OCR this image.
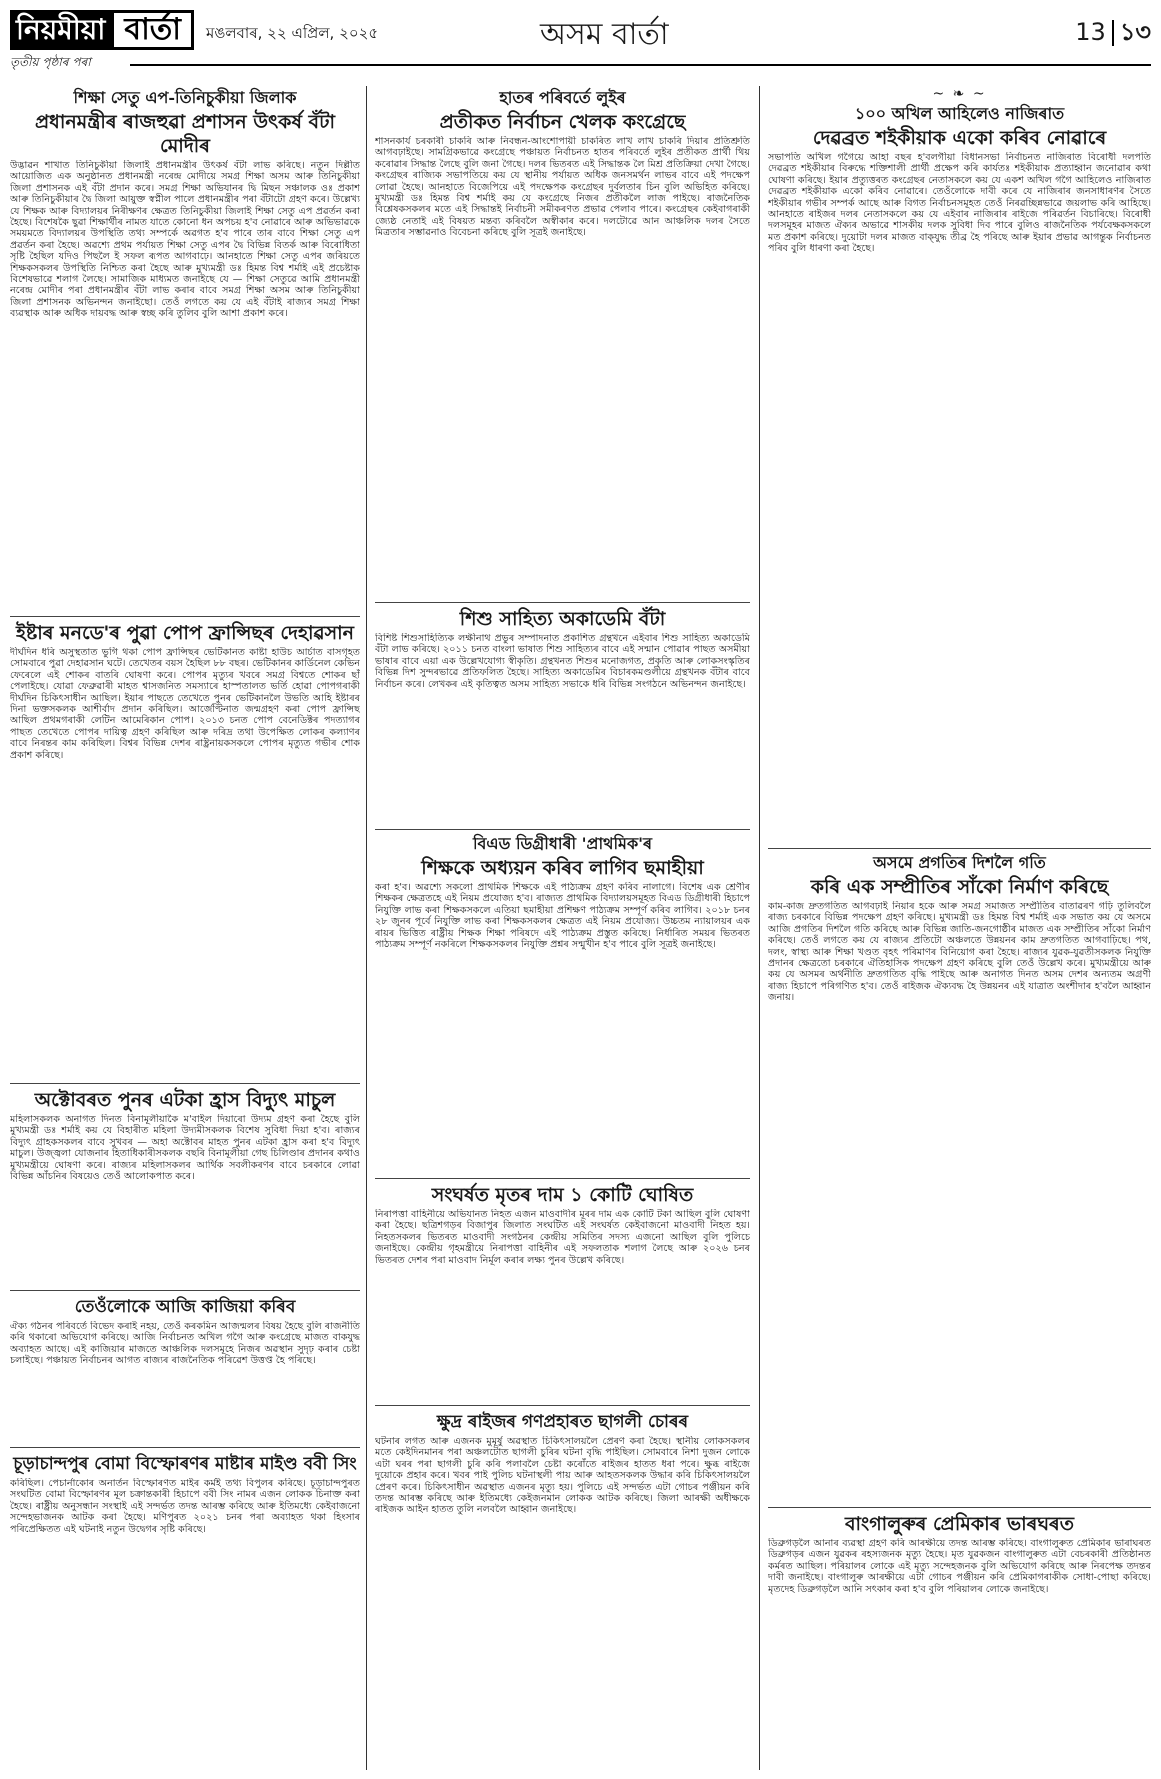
নিয়মীয়া বাৰ্তা	মঙলবাৰ, ২২ এপ্ৰিল, ২০২৫	অসম বাৰ্তা	13 ১৩
তৃতীয় পৃষ্ঠাৰ পৰা
শিক্ষা সেতু এপ-তিনিচুকীয়া জিলাক
প্ৰধানমন্ত্ৰীৰ ৰাজহুৱা প্ৰশাসন উৎকৰ্ষ বঁটা মোদীৰ
উদ্ভাৱন শাখাত তিনিচুকীয়া জিলাই প্ৰধানমন্ত্ৰীৰ উৎকৰ্ষ বঁটা লাভ কৰিছে। নতুন দিল্লীত আয়োজিত এক অনুষ্ঠানত প্ৰধানমন্ত্ৰী নৰেন্দ্ৰ মোদীয়ে সমগ্ৰ শিক্ষা অসম আৰু তিনিচুকীয়া জিলা প্ৰশাসনক এই বঁটা প্ৰদান কৰে। সমগ্ৰ শিক্ষা অভিযানৰ দ্বি মিছন সঞ্চালক ওঃ প্ৰকাশ আৰু তিনিচুকীয়াৰ দ্বৈ জিলা আয়ুক্ত স্বপ্নীল পালে প্ৰধানমন্ত্ৰীৰ পৰা বঁটাটো গ্ৰহণ কৰে। উল্লেখ্য যে শিক্ষক আৰু বিদ্যালয়ৰ নিৰীক্ষণৰ ক্ষেত্ৰত তিনিচুকীয়া জিলাই শিক্ষা সেতু এপ প্ৰৱৰ্তন কৰা হৈছে। বিশেষকৈ ছুৱা শিক্ষাৰ্থীৰ নামত যাতে কোনো ধন অপচয় হ'ব নোৱাৰে আৰু অভিভাৱকে সময়মতে বিদ্যালয়ৰ উপস্থিতি তথ্য সম্পৰ্কে অৱগত হ'ব পাৰে তাৰ বাবে শিক্ষা সেতু এপ প্ৰৱৰ্তন কৰা হৈছে। অৱশ্যে প্ৰথম পৰ্যায়ত শিক্ষা সেতু এপৰ দ্বৈ বিভিন্ন বিতৰ্ক আৰু বিৰোধিতা সৃষ্টি হৈছিল যদিও পিছলৈ ই সফল ৰূপত আগবাঢ়ে। আনহাতে শিক্ষা সেতু এপৰ জৰিয়তে শিক্ষকসকলৰ উপস্থিতি নিশ্চিত কৰা হৈছে আৰু মুখ্যমন্ত্ৰী ডঃ হিমন্ত বিশ্ব শৰ্মাই এই প্ৰচেষ্টাক বিশেষভাৱে শলাগ লৈছে। সামাজিক মাধ্যমত জনাইছে যে — শিক্ষা সেতুৱে আমি প্ৰধানমন্ত্ৰী নৰেন্দ্ৰ মোদীৰ পৰা প্ৰধানমন্ত্ৰীৰ বঁটা লাভ কৰাৰ বাবে সমগ্ৰ শিক্ষা অসম আৰু তিনিচুকীয়া জিলা প্ৰশাসনক অভিনন্দন জনাইছো। তেওঁ লগতে কয় যে এই বঁটাই ৰাজ্যৰ সমগ্ৰ শিক্ষা ব্যৱস্থাক আৰু অধিক দায়বদ্ধ আৰু স্বচ্ছ কৰি তুলিব বুলি আশা প্ৰকাশ কৰে।
ইষ্টাৰ মনডে'ৰ পুৱা পোপ ফ্ৰান্সিছৰ দেহাৱসান
দীৰ্ঘদিন ধৰি অসুস্থতাত ভুগি থকা পোপ ফ্ৰান্সিছৰ ভেটিকানত কাষ্টা হাউচ আৰ্চাত বাসগৃহত সোমবাৰে পুৱা দেহাৱসান ঘটে। তেখেতৰ বয়স হৈছিল ৮৮ বছৰ। ভেটিকানৰ কাৰ্ডিনেল কেভিন ফেৰেলে এই শোকৰ বাতৰি ঘোষণা কৰে। পোপৰ মৃত্যুৰ খবৰে সমগ্ৰ বিশ্বতে শোকৰ ছাঁ পেলাইছে। যোৱা ফেব্ৰুৱাৰী মাহত শ্বাসজনিত সমস্যাৰে হাস্পতালত ভৰ্তি হোৱা পোপগৰাকী দীৰ্ঘদিন চিকিৎসাধীন আছিল। ইয়াৰ পাছতে তেখেতে পুনৰ ভেটিকানলৈ উভতি আহি ইষ্টাৰৰ দিনা ভক্তসকলক আশীৰ্বাদ প্ৰদান কৰিছিল। আৰ্জেণ্টিনাত জন্মগ্ৰহণ কৰা পোপ ফ্ৰান্সিছ আছিল প্ৰথমগৰাকী লেটিন আমেৰিকান পোপ। ২০১৩ চনত পোপ বেনেডিক্টৰ পদত্যাগৰ পাছত তেখেতে পোপৰ দায়িত্ব গ্ৰহণ কৰিছিল আৰু দৰিদ্ৰ তথা উপেক্ষিত লোকৰ কল্যাণৰ বাবে নিৰন্তৰ কাম কৰিছিল। বিশ্বৰ বিভিন্ন দেশৰ ৰাষ্ট্ৰনায়কসকলে পোপৰ মৃত্যুত গভীৰ শোক প্ৰকাশ কৰিছে।
অক্টোবৰত পুনৰ এটকা হ্ৰাস বিদ্যুৎ মাচুল
মহিলাসকলক অনাগত দিনত বিনামূলীয়াকৈ ম'বাইল দিয়াৰো উদ্যম গ্ৰহণ কৰা হৈছে বুলি মুখ্যমন্ত্ৰী ডঃ শৰ্মাই কয় যে বিহাৰীত মহিলা উদ্যমীসকলক বিশেষ সুবিধা দিয়া হ'ব। ৰাজ্যৰ বিদ্যুৎ গ্ৰাহকসকলৰ বাবে সুখবৰ — অহা অক্টোবৰ মাহত পুনৰ এটকা হ্ৰাস কৰা হ'ব বিদ্যুৎ মাচুল। উজ্জ্বলা যোজনাৰ হিতাধিকাৰীসকলক বছৰি বিনামূলীয়া গেছ চিলিণ্ডাৰ প্ৰদানৰ কথাও মুখ্যমন্ত্ৰীয়ে ঘোষণা কৰে। ৰাজ্যৰ মহিলাসকলৰ আৰ্থিক সবলীকৰণৰ বাবে চৰকাৰে লোৱা বিভিন্ন আঁচনিৰ বিষয়েও তেওঁ আলোকপাত কৰে।
তেওঁলোকে আজি কাজিয়া কৰিব
ঐক্য গঠনৰ পৰিবৰ্তে বিভেদ কৰাই নহয়, তেওঁ কৰকমিন আজন্মলৰ বিষয় হৈছে বুলি ৰাজনীতি কৰি থকাৰো অভিযোগ কৰিছে। আজি নিৰ্বাচনত অখিল গগৈ আৰু কংগ্ৰেছে মাজত বাকযুদ্ধ অব্যাহত আছে। এই কাজিয়াৰ মাজতে আঞ্চলিক দলসমূহে নিজৰ অৱস্থান সুদৃঢ় কৰাৰ চেষ্টা চলাইছে। পঞ্চায়ত নিৰ্বাচনৰ আগত ৰাজ্যৰ ৰাজনৈতিক পৰিৱেশ উত্তপ্ত হৈ পৰিছে।
চূড়াচান্দপুৰ বোমা বিস্ফোৰণৰ মাষ্টাৰ মাইণ্ড ববী সিং
কৰিছিল। পেচাৰ্নাকোৰ অনাৰ্তন বিস্ফোৰণত মাইৰ কৰ্মই তথ্য বিপুলৰ কৰিছে। চূড়াচান্দপুৰত সংঘটিত বোমা বিস্ফোৰণৰ মূল চক্ৰান্তকাৰী হিচাপে ববী সিং নামৰ এজন লোকক চিনাক্ত কৰা হৈছে। ৰাষ্ট্ৰীয় অনুসন্ধান সংস্থাই এই সন্দৰ্ভত তদন্ত আৰম্ভ কৰিছে আৰু ইতিমধ্যে কেইবাজনো সন্দেহভাজনক আটক কৰা হৈছে। মণিপুৰত ২০২১ চনৰ পৰা অব্যাহত থকা হিংসাৰ পৰিপ্ৰেক্ষিতত এই ঘটনাই নতুন উদ্বেগৰ সৃষ্টি কৰিছে।
হাতৰ পৰিবৰ্তে লুইৰ
প্ৰতীকত নিৰ্বাচন খেলক কংগ্ৰেছে
শাসনকাৰ্য চৰকাৰী চাকৰি আৰু নিবন্ধন-আংশোপায়ী চাকৰিত লাখ লাখ চাকৰি দিয়াৰ প্ৰতিশ্ৰুতি আগবঢ়াইছে। সামগ্ৰিকভাৱে কংগ্ৰেছে পঞ্চায়ত নিৰ্বাচনত হাতৰ পৰিবৰ্তে লুইৰ প্ৰতীকত প্ৰাৰ্থী থিয় কৰোৱাৰ সিদ্ধান্ত লৈছে বুলি জনা গৈছে। দলৰ ভিতৰত এই সিদ্ধান্তক লৈ মিশ্ৰ প্ৰতিক্ৰিয়া দেখা গৈছে। কংগ্ৰেছৰ ৰাজ্যিক সভাপতিয়ে কয় যে স্থানীয় পৰ্যায়ত অধিক জনসমৰ্থন লাভৰ বাবে এই পদক্ষেপ লোৱা হৈছে। আনহাতে বিজেপিয়ে এই পদক্ষেপক কংগ্ৰেছৰ দুৰ্বলতাৰ চিন বুলি অভিহিত কৰিছে। মুখ্যমন্ত্ৰী ডঃ হিমন্ত বিশ্ব শৰ্মাই কয় যে কংগ্ৰেছে নিজৰ প্ৰতীকলৈ লাজ পাইছে। ৰাজনৈতিক বিশ্লেষকসকলৰ মতে এই সিদ্ধান্তই নিৰ্বাচনী সমীকৰণত প্ৰভাৱ পেলাব পাৰে। কংগ্ৰেছৰ কেইবাগৰাকী জ্যেষ্ঠ নেতাই এই বিষয়ত মন্তব্য কৰিবলৈ অস্বীকাৰ কৰে। দলটোৱে আন আঞ্চলিক দলৰ সৈতে মিত্ৰতাৰ সম্ভাৱনাও বিবেচনা কৰিছে বুলি সূত্ৰই জনাইছে।
শিশু সাহিত্য অকাডেমি বঁটা
বিশিষ্ট শিশুসাহিত্যিক লক্ষীনাথ প্ৰভুৰ সম্পাদনাত প্ৰকাশিত গ্ৰন্থখনে এইবাৰ শিশু সাহিত্য অকাডেমি বঁটা লাভ কৰিছে। ২০১১ চনত বাংলা ভাষাত শিশু সাহিত্যৰ বাবে এই সন্মান পোৱাৰ পাছত অসমীয়া ভাষাৰ বাবে এয়া এক উল্লেখযোগ্য স্বীকৃতি। গ্ৰন্থখনত শিশুৰ মনোজগত, প্ৰকৃতি আৰু লোকসংস্কৃতিৰ বিভিন্ন দিশ সুন্দৰভাৱে প্ৰতিফলিত হৈছে। সাহিত্য অকাডেমিৰ বিচাৰকমণ্ডলীয়ে গ্ৰন্থখনক বঁটাৰ বাবে নিৰ্বাচন কৰে। লেখকৰ এই কৃতিত্বত অসম সাহিত্য সভাকে ধৰি বিভিন্ন সংগঠনে অভিনন্দন জনাইছে।
বিএড ডিগ্ৰীধাৰী 'প্ৰাথমিক'ৰ
শিক্ষকে অধ্যয়ন কৰিব লাগিব ছমাহীয়া
কৰা হ'ব। অৱশ্যে সকলো প্ৰাথমিক শিক্ষকে এই পাঠ্যক্ৰম গ্ৰহণ কৰিব নালাগে। বিশেষ এক শ্ৰেণীৰ শিক্ষকৰ ক্ষেত্ৰতহে এই নিয়ম প্ৰযোজ্য হ'ব। ৰাজ্যত প্ৰাথমিক বিদ্যালয়সমূহত বিএড ডিগ্ৰীধাৰী হিচাপে নিযুক্তি লাভ কৰা শিক্ষকসকলে এতিয়া ছমাহীয়া প্ৰশিক্ষণ পাঠ্যক্ৰম সম্পূৰ্ণ কৰিব লাগিব। ২০১৮ চনৰ ২৮ জুনৰ পূৰ্বে নিযুক্তি লাভ কৰা শিক্ষকসকলৰ ক্ষেত্ৰত এই নিয়ম প্ৰযোজ্য। উচ্চতম ন্যায়ালয়ৰ এক ৰায়ৰ ভিত্তিত ৰাষ্ট্ৰীয় শিক্ষক শিক্ষা পৰিষদে এই পাঠ্যক্ৰম প্ৰস্তুত কৰিছে। নিৰ্ধাৰিত সময়ৰ ভিতৰত পাঠ্যক্ৰম সম্পূৰ্ণ নকৰিলে শিক্ষকসকলৰ নিযুক্তি প্ৰশ্নৰ সন্মুখীন হ'ব পাৰে বুলি সূত্ৰই জনাইছে।
সংঘৰ্ষত মৃতৰ দাম ১ কোটি ঘোষিত
নিৰাপত্তা বাহিনীয়ে অভিযানত নিহত এজন মাওবাদীৰ মূৰৰ দাম এক কোটি টকা আছিল বুলি ঘোষণা কৰা হৈছে। ছত্ৰিশগড়ৰ বিজাপুৰ জিলাত সংঘটিত এই সংঘৰ্ষত কেইবাজনো মাওবাদী নিহত হয়। নিহতসকলৰ ভিতৰত মাওবাদী সংগঠনৰ কেন্দ্ৰীয় সমিতিৰ সদস্য এজনো আছিল বুলি পুলিচে জনাইছে। কেন্দ্ৰীয় গৃহমন্ত্ৰীয়ে নিৰাপত্তা বাহিনীৰ এই সফলতাক শলাগ লৈছে আৰু ২০২৬ চনৰ ভিতৰত দেশৰ পৰা মাওবাদ নিৰ্মূল কৰাৰ লক্ষ্য পুনৰ উল্লেখ কৰিছে।
ক্ষুদ্ৰ ৰাইজৰ গণপ্ৰহাৰত ছাগলী চোৰৰ
ঘটনাৰ লগত আৰু এজনক মুমূৰ্ষু অৱস্থাত চিকিৎসালয়লৈ প্ৰেৰণ কৰা হৈছে। স্থানীয় লোকসকলৰ মতে কেইদিনমানৰ পৰা অঞ্চলটোত ছাগলী চুৰিৰ ঘটনা বৃদ্ধি পাইছিল। সোমবাৰে নিশা দুজন লোকে এটা ঘৰৰ পৰা ছাগলী চুৰি কৰি পলাবলৈ চেষ্টা কৰোঁতে ৰাইজৰ হাতত ধৰা পৰে। ক্ষুব্ধ ৰাইজে দুয়োকে প্ৰহাৰ কৰে। খবৰ পাই পুলিচ ঘটনাস্থলী পায় আৰু আহতসকলক উদ্ধাৰ কৰি চিকিৎসালয়লৈ প্ৰেৰণ কৰে। চিকিৎসাধীন অৱস্থাত এজনৰ মৃত্যু হয়। পুলিচে এই সন্দৰ্ভত এটা গোচৰ পঞ্জীয়ন কৰি তদন্ত আৰম্ভ কৰিছে আৰু ইতিমধ্যে কেইজনমান লোকক আটক কৰিছে। জিলা আৰক্ষী অধীক্ষকে ৰাইজক আইন হাতত তুলি নলবলৈ আহ্বান জনাইছে।
~ ❧ ~
১০০ অখিল আহিলেও নাজিৰাত
দেৱব্ৰত শইকীয়াক একো কৰিব নোৱাৰে
সভাপতি অখিল গগৈয়ে আহা বছৰ হ'বলগীয়া বিধানসভা নিৰ্বাচনত নাজিৰাত বিৰোধী দলপতি দেৱব্ৰত শইকীয়াৰ বিৰুদ্ধে শক্তিশালী প্ৰাৰ্থী প্ৰক্ষেপ কৰি কাৰ্যতঃ শইকীয়াক প্ৰত্যাহ্বান জনোৱাৰ কথা ঘোষণা কৰিছে। ইয়াৰ প্ৰত্যুত্তৰত কংগ্ৰেছৰ নেতাসকলে কয় যে একশ অখিল গগৈ আহিলেও নাজিৰাত দেৱব্ৰত শইকীয়াক একো কৰিব নোৱাৰে। তেওঁলোকে দাবী কৰে যে নাজিৰাৰ জনসাধাৰণৰ সৈতে শইকীয়াৰ গভীৰ সম্পৰ্ক আছে আৰু বিগত নিৰ্বাচনসমূহত তেওঁ নিৰৱচ্ছিন্নভাৱে জয়লাভ কৰি আহিছে। আনহাতে ৰাইজৰ দলৰ নেতাসকলে কয় যে এইবাৰ নাজিৰাৰ ৰাইজে পৰিৱৰ্তন বিচাৰিছে। বিৰোধী দলসমূহৰ মাজত ঐক্যৰ অভাৱে শাসকীয় দলক সুবিধা দিব পাৰে বুলিও ৰাজনৈতিক পৰ্যবেক্ষকসকলে মত প্ৰকাশ কৰিছে। দুয়োটা দলৰ মাজত বাক্‌যুদ্ধ তীব্ৰ হৈ পৰিছে আৰু ইয়াৰ প্ৰভাৱ আগন্তুক নিৰ্বাচনত পৰিব বুলি ধাৰণা কৰা হৈছে।
অসমে প্ৰগতিৰ দিশলৈ গতি
কৰি এক সম্প্ৰীতিৰ সাঁকো নিৰ্মাণ কৰিছে
কাম-কাজ দ্ৰুতগতিত আগবঢ়াই নিয়াৰ হকে আৰু সমগ্ৰ সমাজত সম্প্ৰীতিৰ বাতাৱৰণ গঢ়ি তুলিবলৈ ৰাজ্য চৰকাৰে বিভিন্ন পদক্ষেপ গ্ৰহণ কৰিছে। মুখ্যমন্ত্ৰী ডঃ হিমন্ত বিশ্ব শৰ্মাই এক সভাত কয় যে অসমে আজি প্ৰগতিৰ দিশলৈ গতি কৰিছে আৰু বিভিন্ন জাতি-জনগোষ্ঠীৰ মাজত এক সম্প্ৰীতিৰ সাঁকো নিৰ্মাণ কৰিছে। তেওঁ লগতে কয় যে ৰাজ্যৰ প্ৰতিটো অঞ্চলতে উন্নয়নৰ কাম দ্ৰুতগতিত আগবাঢ়িছে। পথ, দলং, স্বাস্থ্য আৰু শিক্ষা খণ্ডত বৃহৎ পৰিমাণৰ বিনিয়োগ কৰা হৈছে। ৰাজ্যৰ যুৱক-যুৱতীসকলক নিযুক্তি প্ৰদানৰ ক্ষেত্ৰতো চৰকাৰে ঐতিহাসিক পদক্ষেপ গ্ৰহণ কৰিছে বুলি তেওঁ উল্লেখ কৰে। মুখ্যমন্ত্ৰীয়ে আৰু কয় যে অসমৰ অৰ্থনীতি দ্ৰুতগতিত বৃদ্ধি পাইছে আৰু অনাগত দিনত অসম দেশৰ অন্যতম অগ্ৰণী ৰাজ্য হিচাপে পৰিগণিত হ'ব। তেওঁ ৰাইজক ঐক্যবদ্ধ হৈ উন্নয়নৰ এই যাত্ৰাত অংশীদাৰ হ'বলৈ আহ্বান জনায়।
বাংগালুৰুৰ প্ৰেমিকাৰ ভাৰঘৰত
ডিব্ৰুগড়লৈ আনাৰ ব্যৱস্থা গ্ৰহণ কৰি আৰক্ষীয়ে তদন্ত আৰম্ভ কৰিছে। বাংগালুৰুত প্ৰেমিকাৰ ভাৰাঘৰত ডিব্ৰুগড়ৰ এজন যুৱকৰ ৰহস্যজনক মৃত্যু হৈছে। মৃত যুৱকজন বাংগালুৰুত এটা বেচৰকাৰী প্ৰতিষ্ঠানত কৰ্মৰত আছিল। পৰিয়ালৰ লোকে এই মৃত্যু সন্দেহজনক বুলি অভিযোগ কৰিছে আৰু নিৰপেক্ষ তদন্তৰ দাবী জনাইছে। বাংগালুৰু আৰক্ষীয়ে এটা গোচৰ পঞ্জীয়ন কৰি প্ৰেমিকাগৰাকীক সোধা-পোছা কৰিছে। মৃতদেহ ডিব্ৰুগড়লৈ আনি সৎকাৰ কৰা হ'ব বুলি পৰিয়ালৰ লোকে জনাইছে।
